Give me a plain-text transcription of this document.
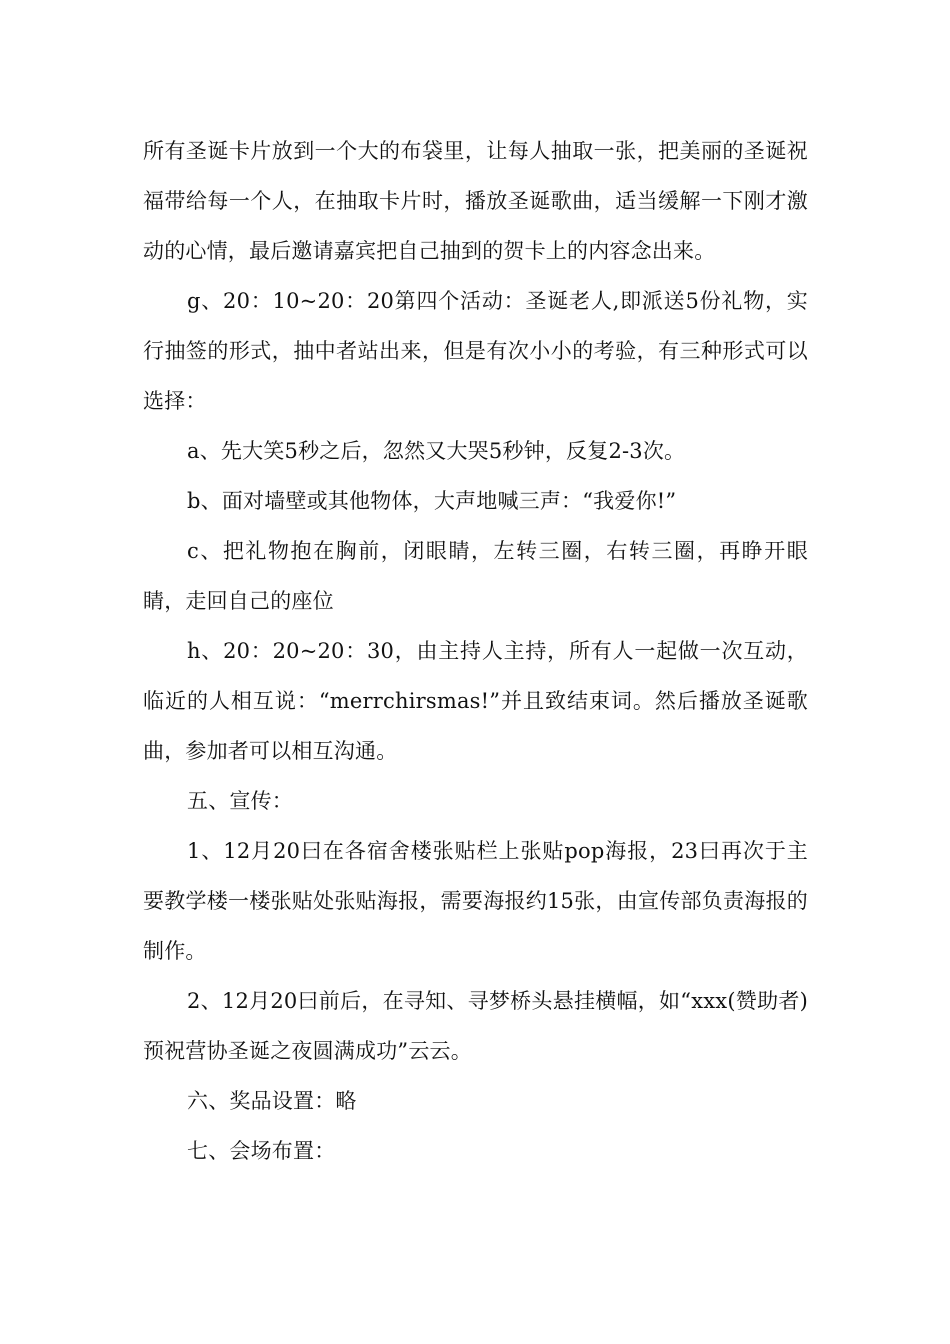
所有圣诞卡片放到一个大的布袋里，让每人抽取一张，把美丽的圣诞祝福带给每一个人，在抽取卡片时，播放圣诞歌曲，适当缓解一下刚才激动的心情，最后邀请嘉宾把自己抽到的贺卡上的内容念出来。

g、20：10~20：20第四个活动：圣诞老人,即派送5份礼物，实行抽签的形式，抽中者站出来，但是有次小小的考验，有三种形式可以选择：

a、先大笑5秒之后，忽然又大哭5秒钟，反复2-3次。

b、面对墙壁或其他物体，大声地喊三声：“我爱你!”

c、把礼物抱在胸前，闭眼睛，左转三圈，右转三圈，再睁开眼睛，走回自己的座位

h、20：20~20：30，由主持人主持，所有人一起做一次互动，临近的人相互说：“merrchirsmas!”并且致结束词。然后播放圣诞歌曲，参加者可以相互沟通。

五、宣传：

1、12月20曰在各宿舍楼张贴栏上张贴pop海报，23曰再次于主要教学楼一楼张贴处张贴海报，需要海报约15张，由宣传部负责海报的制作。

2、12月20曰前后，在寻知、寻梦桥头悬挂横幅，如“xxx(赞助者)预祝营协圣诞之夜圆满成功”云云。

六、奖品设置：略

七、会场布置：
